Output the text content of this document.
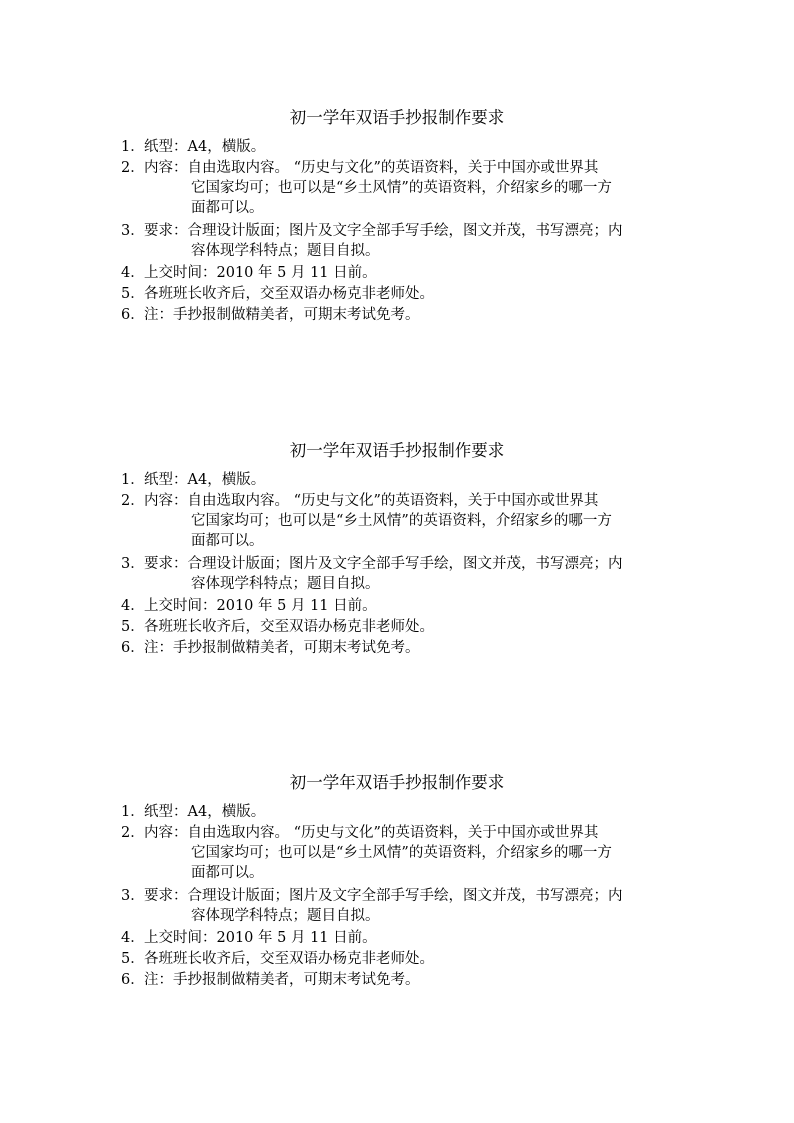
初一学年双语手抄报制作要求
1．纸型：A4，横版。
2．内容：自由选取内容。 “历史与文化”的英语资料，关于中国亦或世界其
它国家均可；也可以是“乡土风情”的英语资料，介绍家乡的哪一方
面都可以。
3．要求：合理设计版面；图片及文字全部手写手绘，图文并茂，书写漂亮；内
容体现学科特点；题目自拟。
4．上交时间：2010 年 5 月 11 日前。
5．各班班长收齐后，交至双语办杨克非老师处。
6．注：手抄报制做精美者，可期末考试免考。
初一学年双语手抄报制作要求
1．纸型：A4，横版。
2．内容：自由选取内容。 “历史与文化”的英语资料，关于中国亦或世界其
它国家均可；也可以是“乡土风情”的英语资料，介绍家乡的哪一方
面都可以。
3．要求：合理设计版面；图片及文字全部手写手绘，图文并茂，书写漂亮；内
容体现学科特点；题目自拟。
4．上交时间：2010 年 5 月 11 日前。
5．各班班长收齐后，交至双语办杨克非老师处。
6．注：手抄报制做精美者，可期末考试免考。
初一学年双语手抄报制作要求
1．纸型：A4，横版。
2．内容：自由选取内容。 “历史与文化”的英语资料，关于中国亦或世界其
它国家均可；也可以是“乡土风情”的英语资料，介绍家乡的哪一方
面都可以。
3．要求：合理设计版面；图片及文字全部手写手绘，图文并茂，书写漂亮；内
容体现学科特点；题目自拟。
4．上交时间：2010 年 5 月 11 日前。
5．各班班长收齐后，交至双语办杨克非老师处。
6．注：手抄报制做精美者，可期末考试免考。
